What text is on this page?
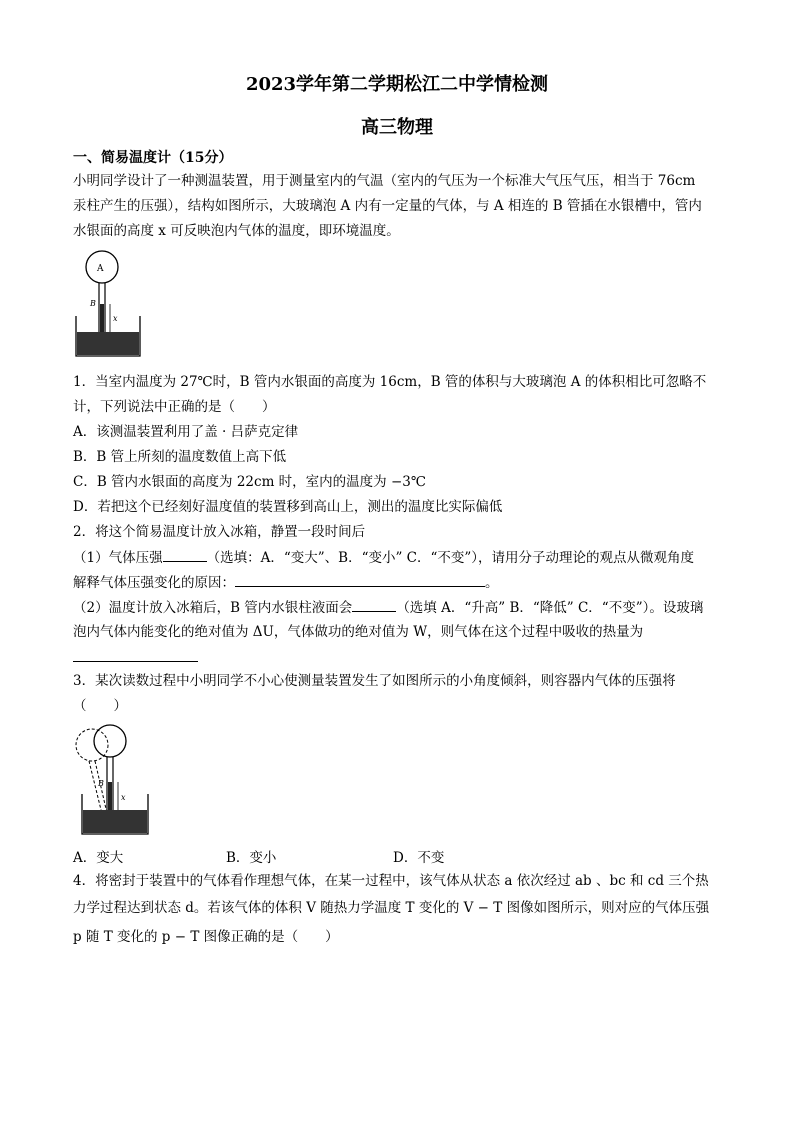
2023学年第二学期松江二中学情检测
高三物理
一、简易温度计（15分）
小明同学设计了一种测温装置，用于测量室内的气温（室内的气压为一个标准大气压气压，相当于 76cm
汞柱产生的压强），结构如图所示，大玻璃泡 A 内有一定量的气体，与 A 相连的 B 管插在水银槽中，管内
水银面的高度 x 可反映泡内气体的温度，即环境温度。
A
B
x
1．当室内温度为 27℃时，B 管内水银面的高度为 16cm，B 管的体积与大玻璃泡 A 的体积相比可忽略不
计，下列说法中正确的是（　　）
A．该测温装置利用了盖 · 吕萨克定律
B．B 管上所刻的温度数值上高下低
C．B 管内水银面的高度为 22cm 时，室内的温度为 −3℃
D．若把这个已经刻好温度值的装置移到高山上，测出的温度比实际偏低
2．将这个简易温度计放入冰箱，静置一段时间后
（1）气体压强	（选填：A．“变大”、B．“变小” C．“不变”），请用分子动理论的观点从微观角度
解释气体压强变化的原因：	。
（2）温度计放入冰箱后，B 管内水银柱液面会	（选填 A．“升高” B．“降低” C．“不变”）。设玻璃
泡内气体内能变化的绝对值为 ΔU，气体做功的绝对值为 W，则气体在这个过程中吸收的热量为
3．某次读数过程中小明同学不小心使测量装置发生了如图所示的小角度倾斜，则容器内气体的压强将
（　　）
B
x
A．变大	B．变小	D．不变
4．将密封于装置中的气体看作理想气体，在某一过程中，该气体从状态 a 依次经过 ab 、bc 和 cd 三个热
力学过程达到状态 d。若该气体的体积 V 随热力学温度 T 变化的 V − T 图像如图所示，则对应的气体压强
p 随 T 变化的 p − T 图像正确的是（　　）
